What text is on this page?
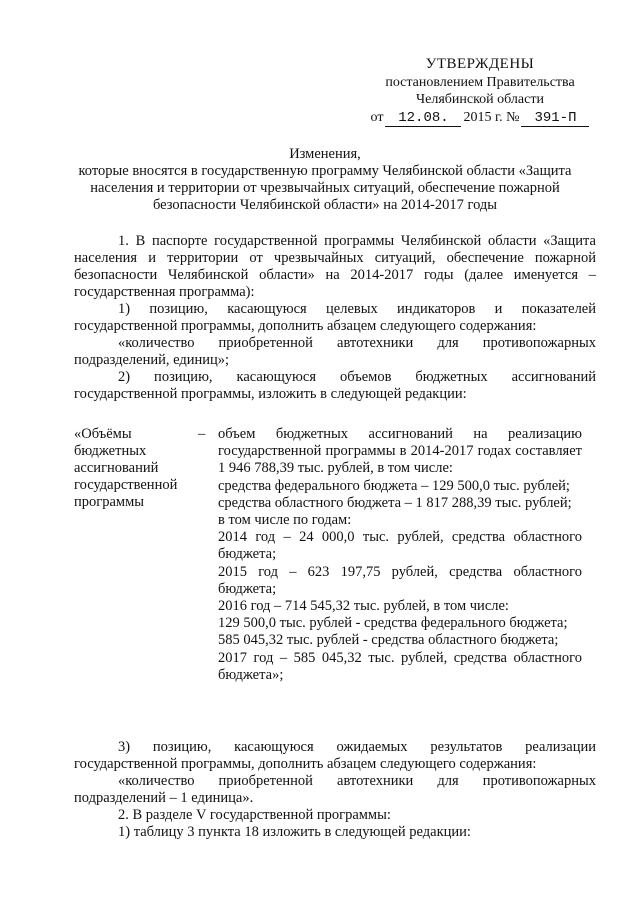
УТВЕРЖДЕНЫ
постановлением Правительства
Челябинской области
от	12.08.	2015 г. №	391-П
Изменения,
которые вносятся в государственную программу Челябинской области «Защита населения и территории от чрезвычайных ситуаций, обеспечение пожарной безопасности Челябинской области» на 2014-2017 годы
1. В паспорте государственной программы Челябинской области «Защита населения и территории от чрезвычайных ситуаций, обеспечение пожарной безопасности Челябинской области» на 2014-2017 годы (далее именуется – государственная программа):
1) позицию, касающуюся целевых индикаторов и показателей государственной программы, дополнить абзацем следующего содержания:
«количество приобретенной автотехники для противопожарных подразделений, единиц»;
2) позицию, касающуюся объемов бюджетных ассигнований государственной программы, изложить в следующей редакции:
«Объёмы бюджетных ассигнований государственной программы
– объем бюджетных ассигнований на реализацию государственной программы в 2014-2017 годах составляет 1 946 788,39 тыс. рублей, в том числе:
средства федерального бюджета – 129 500,0 тыс. рублей;
средства областного бюджета – 1 817 288,39 тыс. рублей;
в том числе по годам:
2014 год – 24 000,0 тыс. рублей, средства областного бюджета;
2015 год – 623 197,75 рублей, средства областного бюджета;
2016 год – 714 545,32 тыс. рублей, в том числе:
129 500,0 тыс. рублей - средства федерального бюджета;
585 045,32 тыс. рублей - средства областного бюджета;
2017 год – 585 045,32 тыс. рублей, средства областного бюджета»;
3) позицию, касающуюся ожидаемых результатов реализации государственной программы, дополнить абзацем следующего содержания:
«количество приобретенной автотехники для противопожарных подразделений – 1 единица».
2. В разделе V государственной программы:
1) таблицу 3 пункта 18 изложить в следующей редакции:
